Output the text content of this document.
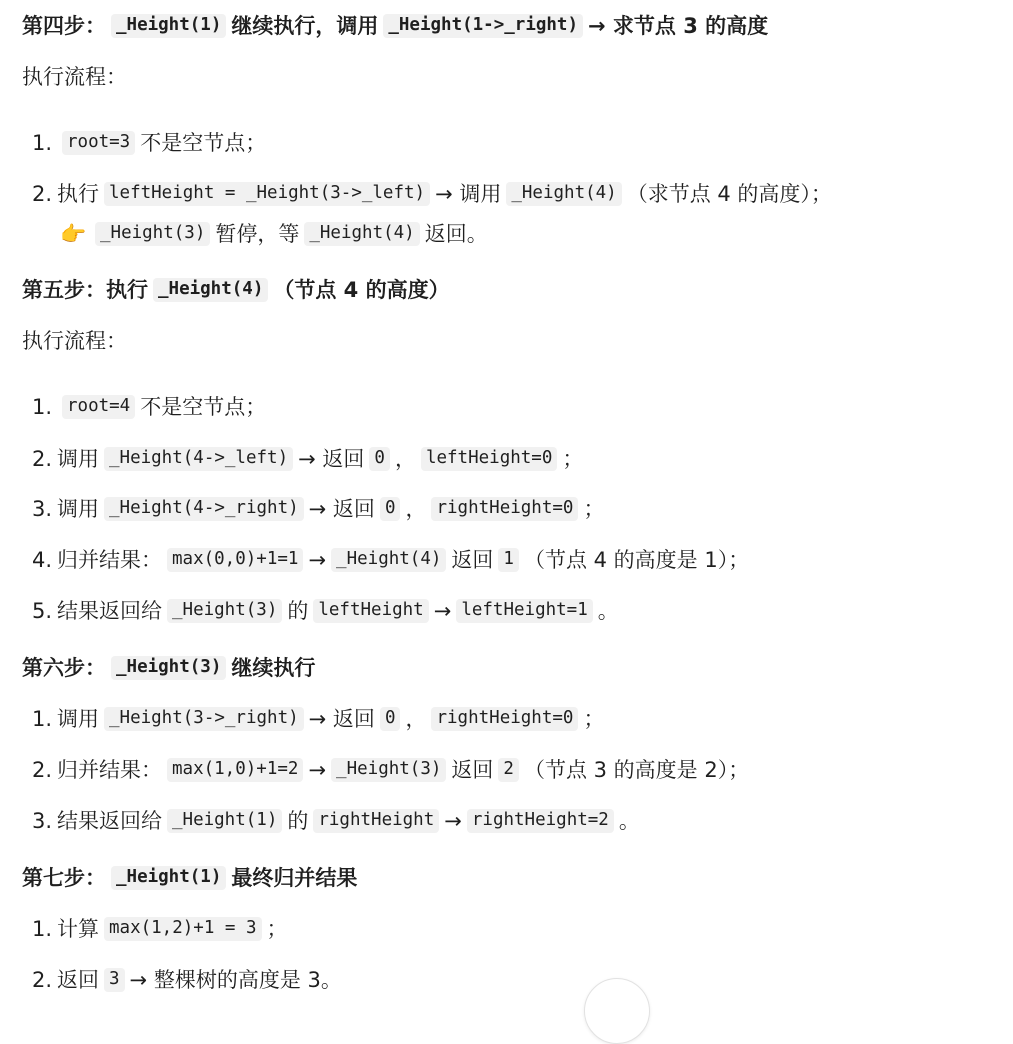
第四步： _Height(1) 继续执行，调用 _Height(1->_right) → 求节点 3 的高度
执行流程：
1. root=3 不是空节点；
2. 执行 leftHeight = _Height(3->_left) → 调用 _Height(4) （求节点 4 的高度）；
👉 _Height(3) 暂停，等 _Height(4) 返回。
第五步：执行 _Height(4) （节点 4 的高度）
执行流程：
1. root=4 不是空节点；
2. 调用 _Height(4->_left) → 返回 0 ， leftHeight=0 ；
3. 调用 _Height(4->_right) → 返回 0 ， rightHeight=0 ；
4. 归并结果： max(0,0)+1=1 → _Height(4) 返回 1 （节点 4 的高度是 1）；
5. 结果返回给 _Height(3) 的 leftHeight → leftHeight=1 。
第六步： _Height(3) 继续执行
1. 调用 _Height(3->_right) → 返回 0 ， rightHeight=0 ；
2. 归并结果： max(1,0)+1=2 → _Height(3) 返回 2 （节点 3 的高度是 2）；
3. 结果返回给 _Height(1) 的 rightHeight → rightHeight=2 。
第七步： _Height(1) 最终归并结果
1. 计算 max(1,2)+1 = 3 ；
2. 返回 3 → 整棵树的高度是 3。
